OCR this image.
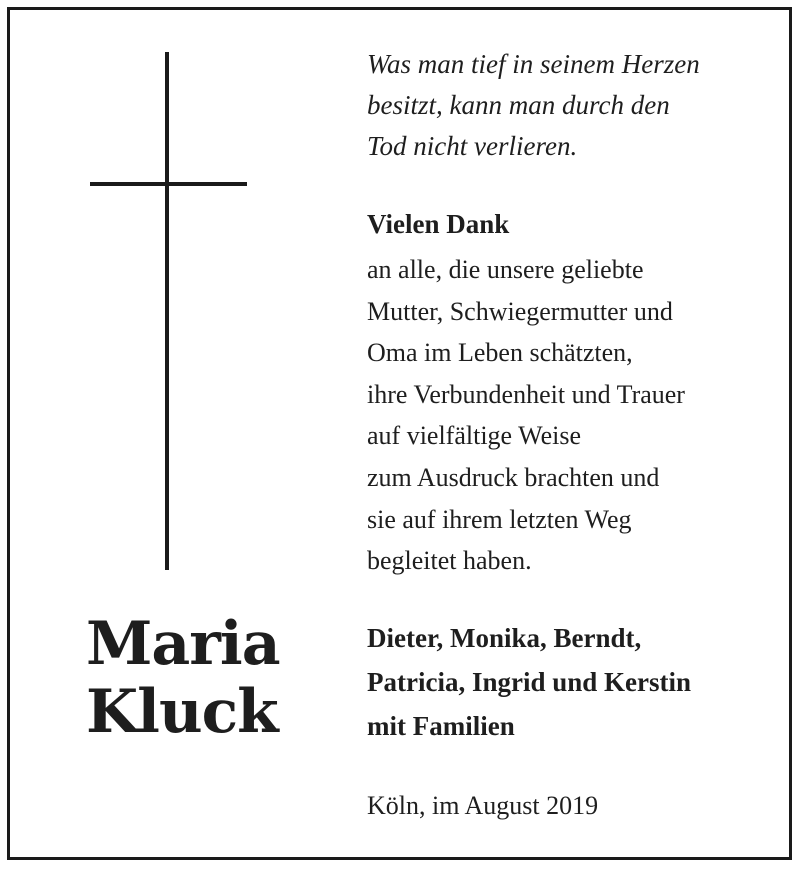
Was man tief in seinem Herzen
besitzt, kann man durch den
Tod nicht verlieren.
Vielen Dank
an alle, die unsere geliebte
Mutter, Schwiegermutter und
Oma im Leben schätzten,
ihre Verbundenheit und Trauer
auf vielfältige Weise
zum Ausdruck brachten und
sie auf ihrem letzten Weg
begleitet haben.
Maria
Kluck
Dieter, Monika, Berndt,
Patricia, Ingrid und Kerstin
mit Familien
Köln, im August 2019
